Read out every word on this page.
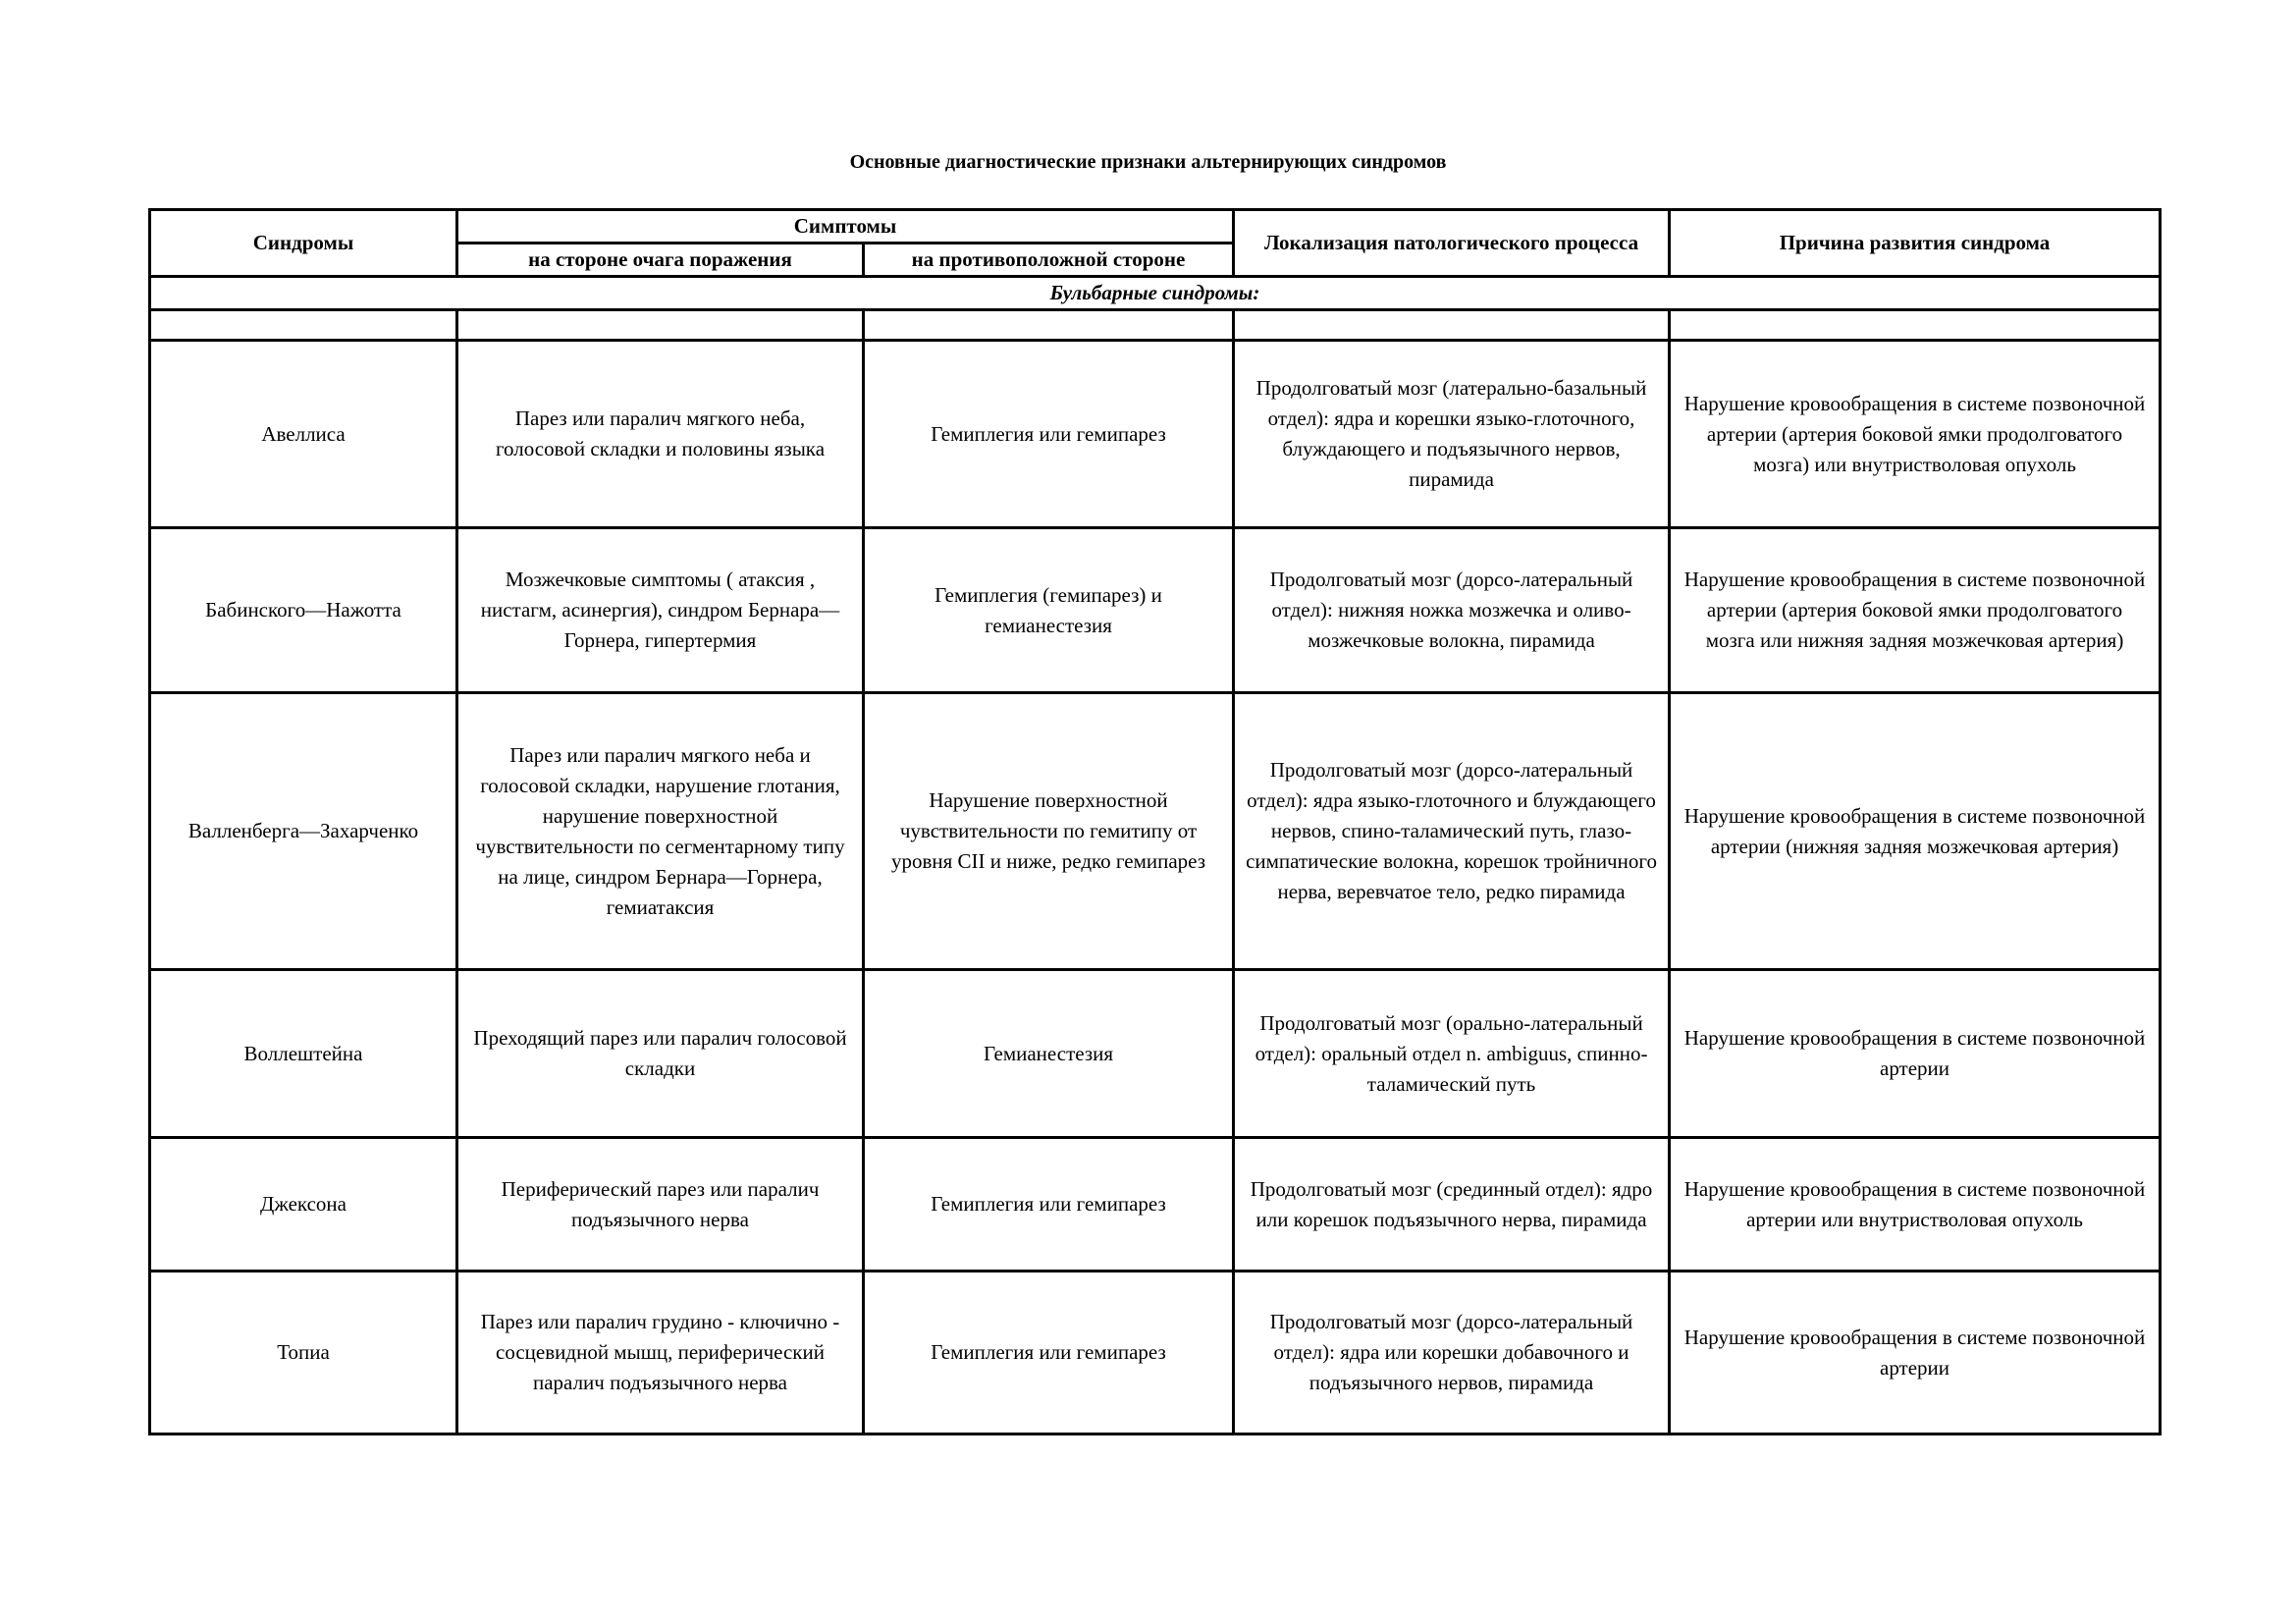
Основные диагностические признаки альтернирующих синдромов
Синдромы	Симптомы		Локализация патологического процесса	Причина развития синдрома
	на стороне очага поражения	на противоположной стороне		
Бульбарные синдромы:				

Авеллиса	Парез или паралич мягкого неба, голосовой складки и половины языка	Гемиплегия или гемипарез	Продолговатый мозг (латерально-базальный отдел): ядра и корешки языко-глоточного, блуждающего и подъязычного нервов, пирамида	Нарушение кровообращения в системе позвоночной артерии (артерия боковой ямки продолговатого мозга) или внутристволовая опухоль
Бабинского—Нажотта	Мозжечковые симптомы ( атаксия , нистагм, асинергия), синдром Бернара—Горнера, гипертермия	Гемиплегия (гемипарез) и гемианестезия	Продолговатый мозг (дорсо-латеральный отдел): нижняя ножка мозжечка и оливо-мозжечковые волокна, пирамида	Нарушение кровообращения в системе позвоночной артерии (артерия боковой ямки продолговатого мозга или нижняя задняя мозжечковая артерия)
Валленберга—Захарченко	Парез или паралич мягкого неба и голосовой складки, нарушение глотания, нарушение поверхностной чувствительности по сегментарному типу на лице, синдром Бернара—Горнера, гемиатаксия	Нарушение поверхностной чувствительности по гемитипу от уровня СII и ниже, редко гемипарез	Продолговатый мозг (дорсо-латеральный отдел): ядра языко-глоточного и блуждающего нервов, спино-таламический путь, глазо-симпатические волокна, корешок тройничного нерва, веревчатое тело, редко пирамида	Нарушение кровообращения в системе позвоночной артерии (нижняя задняя мозжечковая артерия)
Воллештейна	Преходящий парез или паралич голосовой складки	Гемианестезия	Продолговатый мозг (орально-латеральный отдел): оральный отдел n. ambiguus, спинно-таламический путь	Нарушение кровообращения в системе позвоночной артерии
Джексона	Периферический парез или паралич подъязычного нерва	Гемиплегия или гемипарез	Продолговатый мозг (срединный отдел): ядро или корешок подъязычного нерва, пирамида	Нарушение кровообращения в системе позвоночной артерии или внутристволовая опухоль
Топиа	Парез или паралич грудино - ключично - сосцевидной мышц, периферический паралич подъязычного нерва	Гемиплегия или гемипарез	Продолговатый мозг (дорсо-латеральный отдел): ядра или корешки добавочного и подъязычного нервов, пирамида	Нарушение кровообращения в системе позвоночной артерии
